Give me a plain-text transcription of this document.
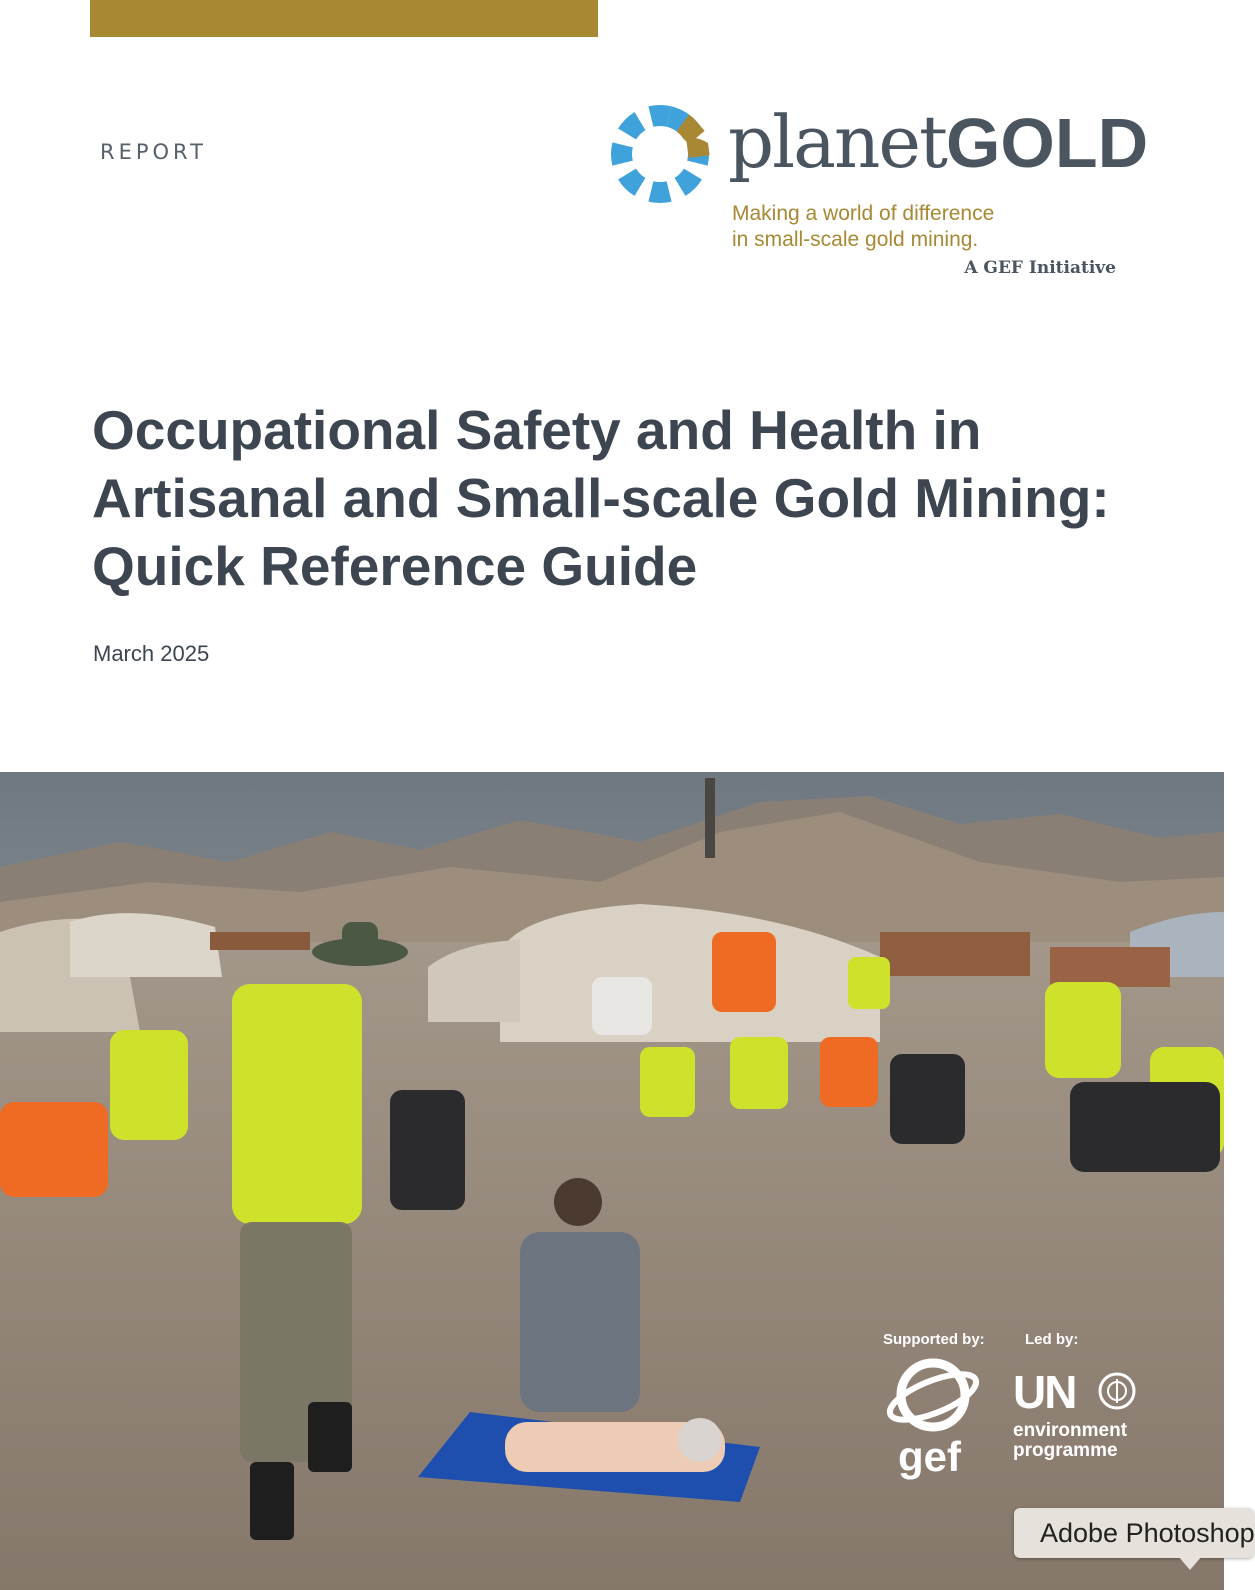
REPORT	planetGOLD
Making a world of difference
in small-scale gold mining.
A GEF Initiative
Occupational Safety and Health in
Artisanal and Small-scale Gold Mining:
Quick Reference Guide
March 2025
Supported by:	Led by:
gef
UN
environment
programme
Adobe Photoshop
